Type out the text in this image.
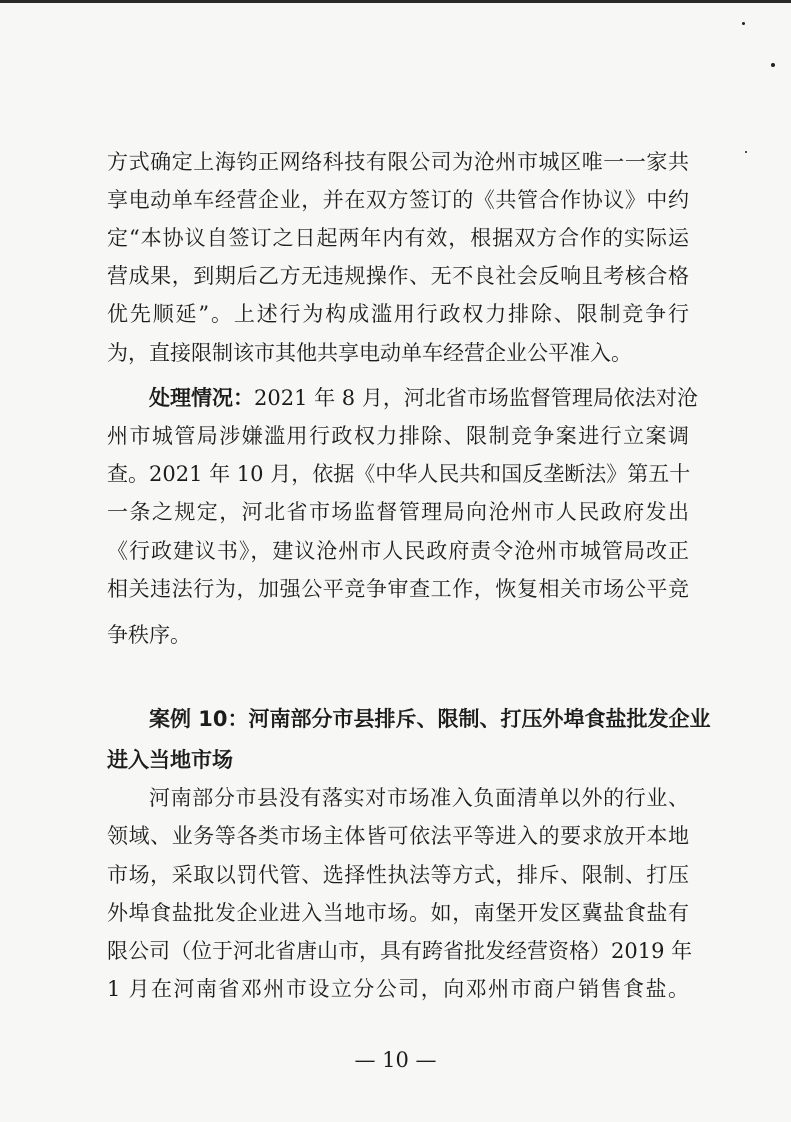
方式确定上海钧正网络科技有限公司为沧州市城区唯一一家共
享电动单车经营企业，并在双方签订的《共管合作协议》中约
定“本协议自签订之日起两年内有效，根据双方合作的实际运
营成果，到期后乙方无违规操作、无不良社会反响且考核合格
优先顺延”。上述行为构成滥用行政权力排除、限制竞争行
为，直接限制该市其他共享电动单车经营企业公平准入。
处理情况：2021 年 8 月，河北省市场监督管理局依法对沧
州市城管局涉嫌滥用行政权力排除、限制竞争案进行立案调
查。2021 年 10 月，依据《中华人民共和国反垄断法》第五十
一条之规定，河北省市场监督管理局向沧州市人民政府发出
《行政建议书》，建议沧州市人民政府责令沧州市城管局改正
相关违法行为，加强公平竞争审查工作，恢复相关市场公平竞
争秩序。
案例 10：河南部分市县排斥、限制、打压外埠食盐批发企业
进入当地市场
河南部分市县没有落实对市场准入负面清单以外的行业、
领域、业务等各类市场主体皆可依法平等进入的要求放开本地
市场，采取以罚代管、选择性执法等方式，排斥、限制、打压
外埠食盐批发企业进入当地市场。如，南堡开发区冀盐食盐有
限公司（位于河北省唐山市，具有跨省批发经营资格）2019 年
1 月在河南省邓州市设立分公司，向邓州市商户销售食盐。
— 10 —
